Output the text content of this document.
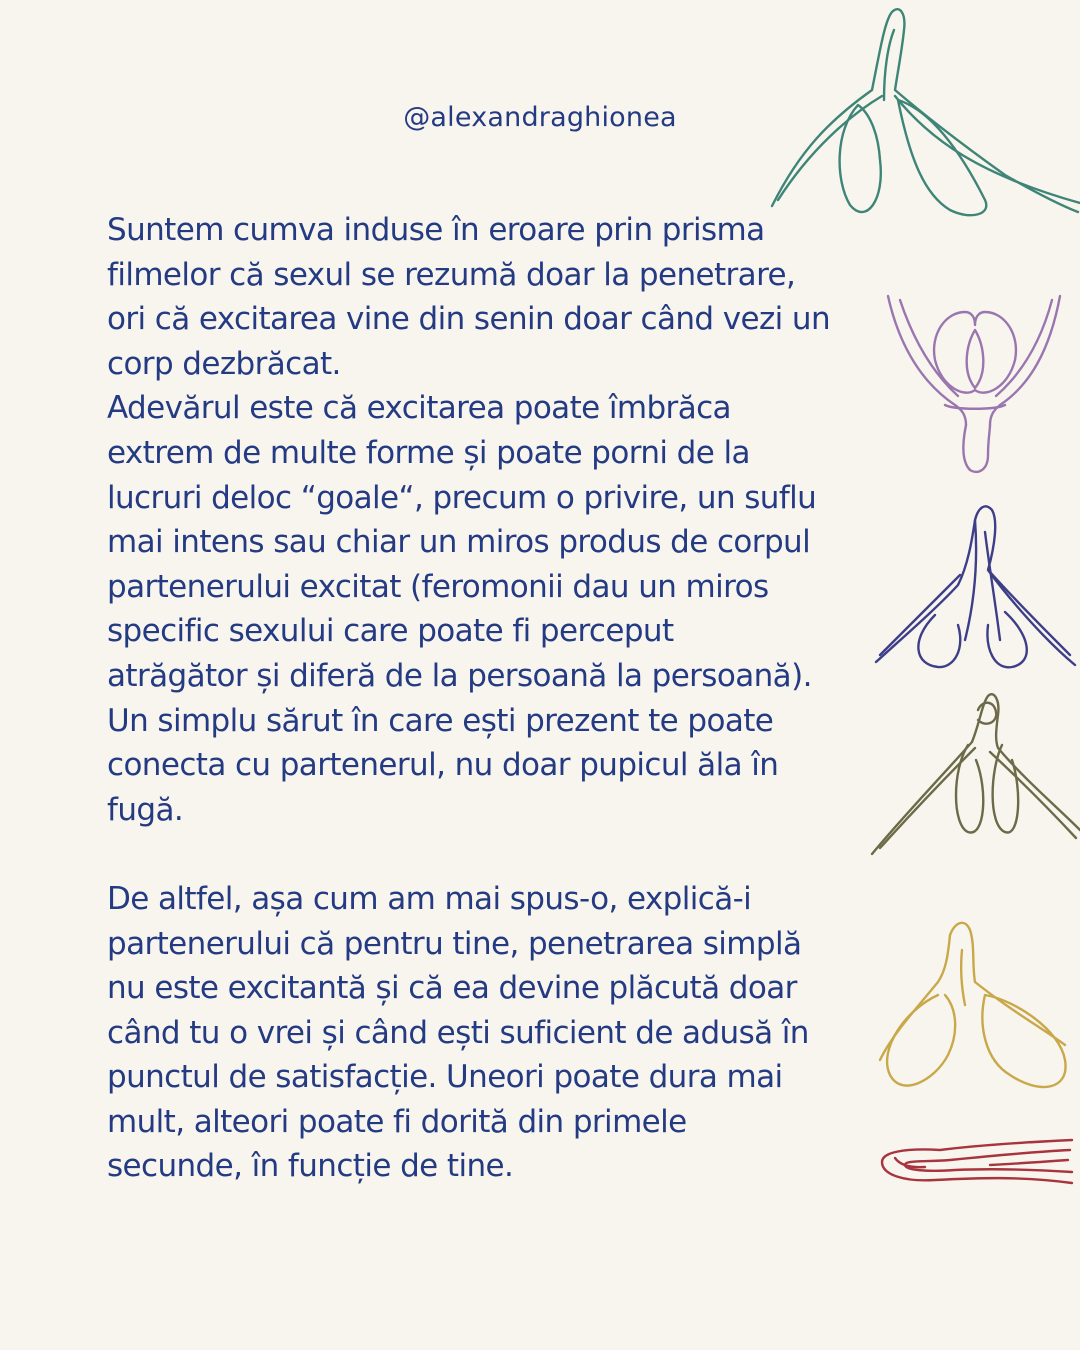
@alexandraghionea
Suntem cumva induse în eroare prin prisma
filmelor că sexul se rezumă doar la penetrare,
ori că excitarea vine din senin doar când vezi un
corp dezbrăcat.
Adevărul este că excitarea poate îmbrăca
extrem de multe forme și poate porni de la
lucruri deloc “goale“, precum o privire, un suflu
mai intens sau chiar un miros produs de corpul
partenerului excitat (feromonii dau un miros
specific sexului care poate fi perceput
atrăgător și diferă de la persoană la persoană).
Un simplu sărut în care ești prezent te poate
conecta cu partenerul, nu doar pupicul ăla în
fugă.
De altfel, așa cum am mai spus-o, explică-i
partenerului că pentru tine, penetrarea simplă
nu este excitantă și că ea devine plăcută doar
când tu o vrei și când ești suficient de adusă în
punctul de satisfacție. Uneori poate dura mai
mult, alteori poate fi dorită din primele
secunde, în funcție de tine.
